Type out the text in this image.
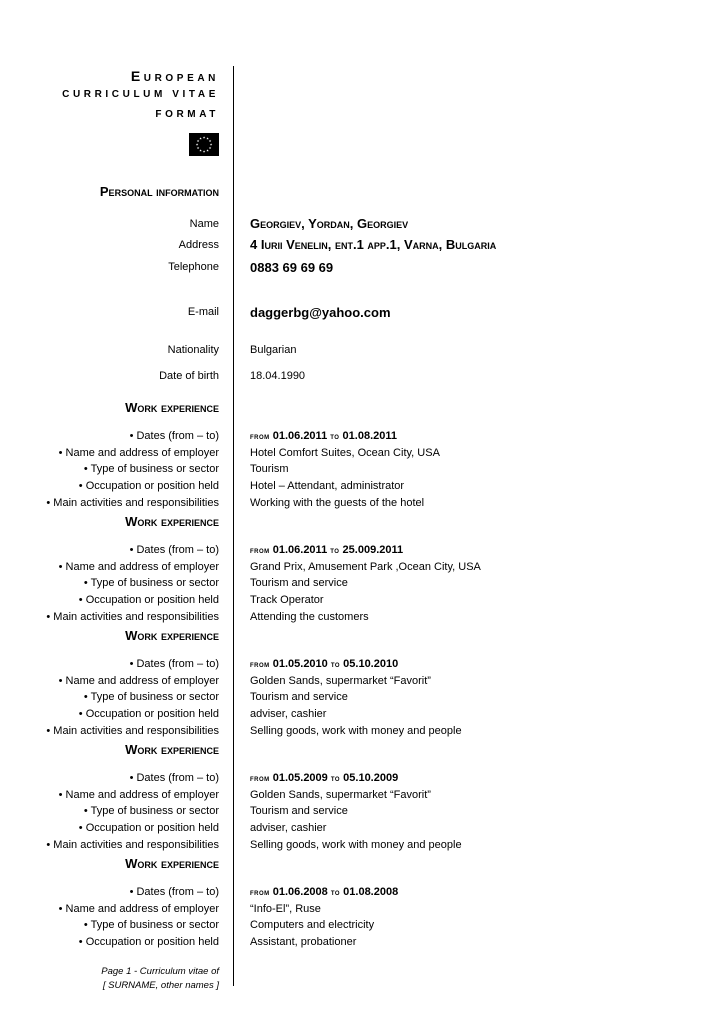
EUROPEAN
CURRICULUM VITAE
FORMAT
★ ★
★
★
★
★
★
★
★
★
★
★
Personal information
Name Georgiev, Yordan, Georgiev
Address 4 Iurii Venelin, ent.1 app.1, Varna, Bulgaria
Telephone 0883 69 69 69
E-mail daggerbg@yahoo.com
Nationality	Bulgarian
Date of birth	18.04.1990
Work experience
• Dates (from – to)	from 01.06.2011 to 01.08.2011
• Name and address of employer	Hotel Comfort Suites, Ocean City, USA
• Type of business or sector	Tourism
• Occupation or position held	Hotel – Attendant, administrator
• Main activities and responsibilities	Working with the guests of the hotel
Work experience
• Dates (from – to)	from 01.06.2011 to 25.009.2011
• Name and address of employer	Grand Prix, Amusement Park ,Ocean City, USA
• Type of business or sector	Tourism and service
• Occupation or position held	Track Operator
• Main activities and responsibilities	Attending the customers
Work experience
• Dates (from – to)	from 01.05.2010 to 05.10.2010
• Name and address of employer	Golden Sands, supermarket “Favorit”
• Type of business or sector	Tourism and service
• Occupation or position held	adviser, cashier
• Main activities and responsibilities	Selling goods, work with money and people
Work experience
• Dates (from – to)	from 01.05.2009 to 05.10.2009
• Name and address of employer	Golden Sands, supermarket “Favorit”
• Type of business or sector	Tourism and service
• Occupation or position held	adviser, cashier
• Main activities and responsibilities	Selling goods, work with money and people
Work experience
• Dates (from – to)	from 01.06.2008 to 01.08.2008
• Name and address of employer	“Info-El”, Ruse
• Type of business or sector	Computers and electricity
• Occupation or position held	Assistant, probationer
Page 1 - Curriculum vitae of
[ SURNAME, other names ]
